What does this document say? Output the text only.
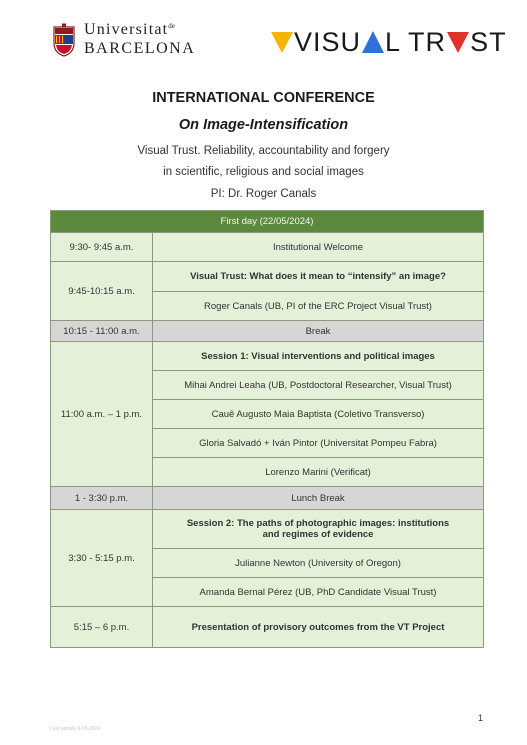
Universitat$^{de}$
BARCELONA	VISU L TR ST
INTERNATIONAL CONFERENCE
On Image-Intensification
Visual Trust. Reliability, accountability and forgery
in scientific, religious and social images
PI: Dr. Roger Canals
First day (22/05/2024)	
9:30- 9:45 a.m.	Institutional Welcome
9:45-10:15 a.m.	Visual Trust: What does it mean to “intensify” an image?
	Roger Canals (UB, PI of the ERC Project Visual Trust)
10:15 - 11:00 a.m.	Break
11:00 a.m. – 1 p.m.	Session 1: Visual interventions and political images
	Mihai Andrei Leaha (UB, Postdoctoral Researcher, Visual Trust)
	Cauê Augusto Maia Baptista (Coletivo Transverso)
	Gloria Salvadó + Iván Pintor (Universitat Pompeu Fabra)
	Lorenzo Marini (Verificat)
1 - 3:30 p.m.	Lunch Break
3:30 - 5:15 p.m.	Session 2: The paths of photographic images: institutions
and regimes of evidence
	Julianne Newton (University of Oregon)
	Amanda Bernal Pérez (UB, PhD Candidate Visual Trust)
5:15 – 6 p.m.	Presentation of provisory outcomes from the VT Project
1
Last update 9-05-2024
